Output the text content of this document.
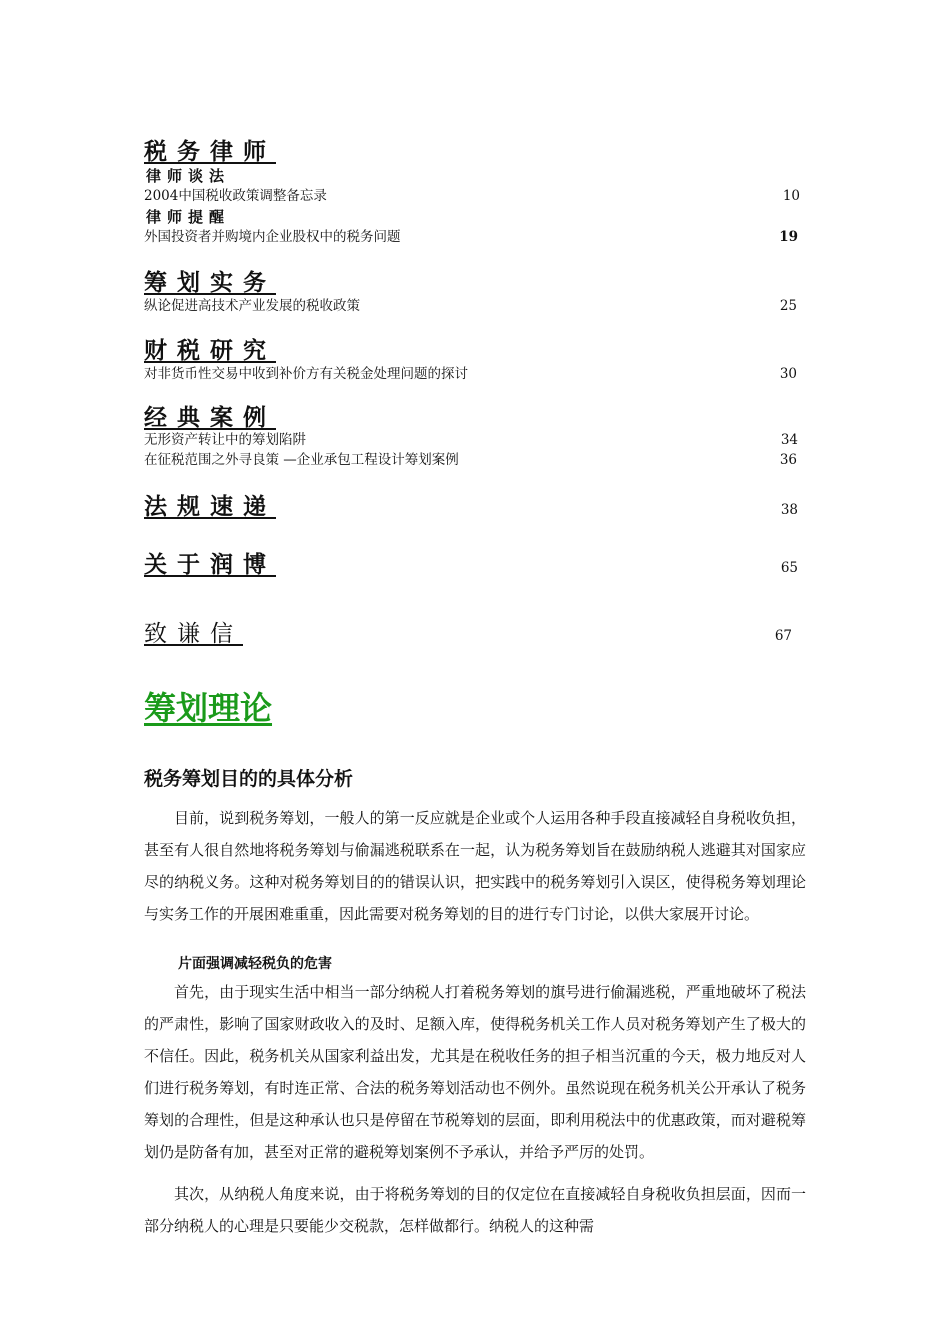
税务律师
律师谈法
2004中国税收政策调整备忘录	10
律师提醒
外国投资者并购境内企业股权中的税务问题	19
筹划实务
纵论促进高技术产业发展的税收政策	25
财税研究
对非货币性交易中收到补价方有关税金处理问题的探讨	30
经典案例
无形资产转让中的筹划陷阱	34
在征税范围之外寻良策 —企业承包工程设计筹划案例	36
法规速递	38
关于润博	65
致谦信	67
筹划理论
税务筹划目的的具体分析

目前，说到税务筹划，一般人的第一反应就是企业或个人运用各种手段直接减轻自身税收负担，甚至有人很自然地将税务筹划与偷漏逃税联系在一起，认为税务筹划旨在鼓励纳税人逃避其对国家应尽的纳税义务。这种对税务筹划目的的错误认识，把实践中的税务筹划引入误区，使得税务筹划理论与实务工作的开展困难重重，因此需要对税务筹划的目的进行专门讨论，以供大家展开讨论。

片面强调减轻税负的危害

首先，由于现实生活中相当一部分纳税人打着税务筹划的旗号进行偷漏逃税，严重地破坏了税法的严肃性，影响了国家财政收入的及时、足额入库，使得税务机关工作人员对税务筹划产生了极大的不信任。因此，税务机关从国家利益出发，尤其是在税收任务的担子相当沉重的今天，极力地反对人们进行税务筹划，有时连正常、合法的税务筹划活动也不例外。虽然说现在税务机关公开承认了税务筹划的合理性，但是这种承认也只是停留在节税筹划的层面，即利用税法中的优惠政策，而对避税筹划仍是防备有加，甚至对正常的避税筹划案例不予承认，并给予严厉的处罚。

其次，从纳税人角度来说，由于将税务筹划的目的仅定位在直接减轻自身税收负担层面，因而一部分纳税人的心理是只要能少交税款，怎样做都行。纳税人的这种需
